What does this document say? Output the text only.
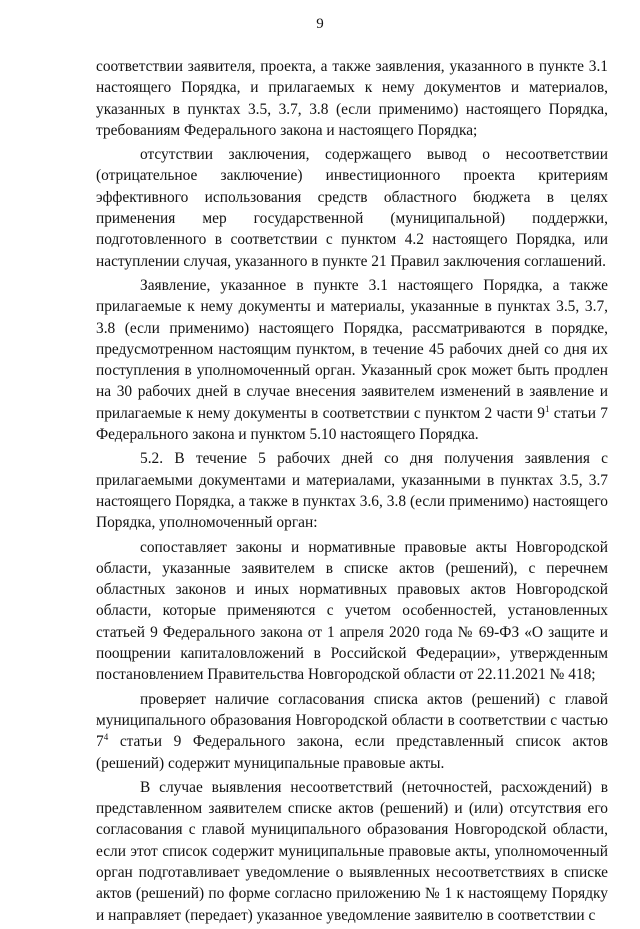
9

соответствии заявителя, проекта, а также заявления, указанного в пункте 3.1 настоящего Порядка, и прилагаемых к нему документов и материалов, указанных в пунктах 3.5, 3.7, 3.8 (если применимо) настоящего Порядка, требованиям Федерального закона и настоящего Порядка;

отсутствии заключения, содержащего вывод о несоответствии (отрицательное заключение) инвестиционного проекта критериям эффективного использования средств областного бюджета в целях применения мер государственной (муниципальной) поддержки, подготовленного в соответствии с пунктом 4.2 настоящего Порядка, или наступлении случая, указанного в пункте 21 Правил заключения соглашений.

Заявление, указанное в пункте 3.1 настоящего Порядка, а также прилагаемые к нему документы и материалы, указанные в пунктах 3.5, 3.7, 3.8 (если применимо) настоящего Порядка, рассматриваются в порядке, предусмотренном настоящим пунктом, в течение 45 рабочих дней со дня их поступления в уполномоченный орган. Указанный срок может быть продлен на 30 рабочих дней в случае внесения заявителем изменений в заявление и прилагаемые к нему документы в соответствии с пунктом 2 части $9^1$ статьи 7 Федерального закона и пунктом 5.10 настоящего Порядка.

5.2. В течение 5 рабочих дней со дня получения заявления с прилагаемыми документами и материалами, указанными в пунктах 3.5, 3.7 настоящего Порядка, а также в пунктах 3.6, 3.8 (если применимо) настоящего Порядка, уполномоченный орган:

сопоставляет законы и нормативные правовые акты Новгородской области, указанные заявителем в списке актов (решений), с перечнем областных законов и иных нормативных правовых актов Новгородской области, которые применяются с учетом особенностей, установленных статьей 9 Федерального закона от 1 апреля 2020 года № 69-ФЗ «О защите и поощрении капиталовложений в Российской Федерации», утвержденным постановлением Правительства Новгородской области от 22.11.2021 № 418;

проверяет наличие согласования списка актов (решений) с главой муниципального образования Новгородской области в соответствии с частью $7^4$ статьи 9 Федерального закона, если представленный список актов (решений) содержит муниципальные правовые акты.

В случае выявления несоответствий (неточностей, расхождений) в представленном заявителем списке актов (решений) и (или) отсутствия его согласования с главой муниципального образования Новгородской области, если этот список содержит муниципальные правовые акты, уполномоченный орган подготавливает уведомление о выявленных несоответствиях в списке актов (решений) по форме согласно приложению № 1 к настоящему Порядку и направляет (передает) указанное уведомление заявителю в соответствии с
